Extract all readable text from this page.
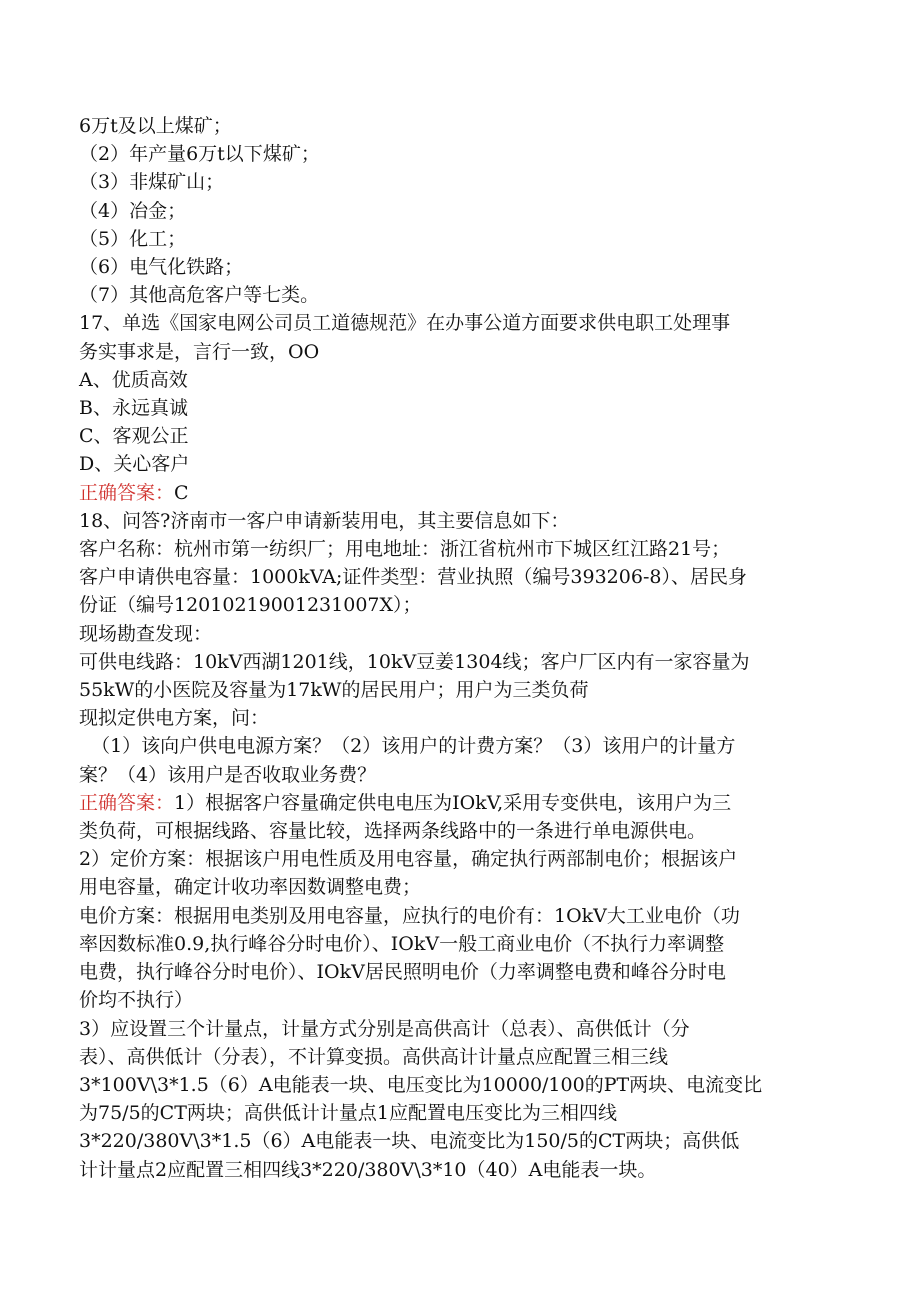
6万t及以上煤矿；
（2）年产量6万t以下煤矿；
（3）非煤矿山；
（4）冶金；
（5）化工；
（6）电气化铁路；
（7）其他高危客户等七类。
17、单选《国家电网公司员工道德规范》在办事公道方面要求供电职工处理事
务实事求是，言行一致，OO
A、优质高效
B、永远真诚
C、客观公正
D、关心客户
正确答案：C
18、问答?济南市一客户申请新装用电，其主要信息如下：
客户名称：杭州市第一纺织厂；用电地址：浙江省杭州市下城区红江路21号；
客户申请供电容量：1000kVA;证件类型：营业执照（编号393206-8）、居民身
份证（编号12010219001231007X）；
现场勘查发现：
可供电线路：10kV西湖1201线，10kV豆姜1304线；客户厂区内有一家容量为
55kW的小医院及容量为17kW的居民用户；用户为三类负荷
现拟定供电方案，问：
（1）该向户供电电源方案？（2）该用户的计费方案？（3）该用户的计量方
案？（4）该用户是否收取业务费？
正确答案：1）根据客户容量确定供电电压为IOkV,采用专变供电，该用户为三
类负荷，可根据线路、容量比较，选择两条线路中的一条进行单电源供电。
2）定价方案：根据该户用电性质及用电容量，确定执行两部制电价；根据该户
用电容量，确定计收功率因数调整电费；
电价方案：根据用电类别及用电容量，应执行的电价有：1OkV大工业电价（功
率因数标准0.9,执行峰谷分时电价）、IOkV一般工商业电价（不执行力率调整
电费，执行峰谷分时电价）、IOkV居民照明电价（力率调整电费和峰谷分时电
价均不执行）
3）应设置三个计量点，计量方式分别是高供高计（总表）、高供低计（分
表）、高供低计（分表），不计算变损。高供高计计量点应配置三相三线
3*100V\3*1.5（6）A电能表一块、电压变比为10000/100的PT两块、电流变比
为75/5的CT两块；高供低计计量点1应配置电压变比为三相四线
3*220/380V\3*1.5（6）A电能表一块、电流变比为150/5的CT两块；高供低
计计量点2应配置三相四线3*220/380V\3*10（40）A电能表一块。
